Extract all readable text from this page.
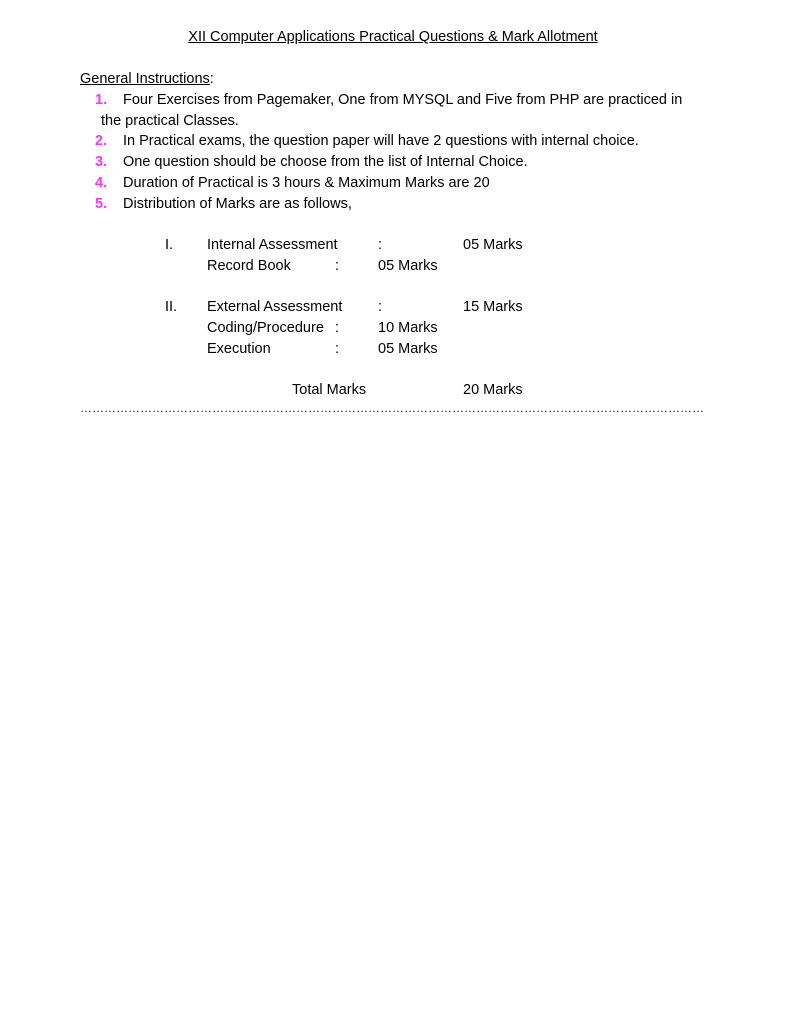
XII Computer Applications Practical Questions & Mark Allotment
General Instructions:
1. Four Exercises from Pagemaker, One from MYSQL and Five from PHP are practiced in
the practical Classes.
2. In Practical exams, the question paper will have 2 questions with internal choice.
3. One question should be choose from the list of Internal Choice.
4. Duration of Practical is 3 hours & Maximum Marks are 20
5. Distribution of Marks are as follows,
I. Internal Assessment	:	05 Marks
Record Book	:	05 Marks
II. External Assessment :	15 Marks
Coding/Procedure :	10 Marks
Execution	:	05 Marks
Total Marks	20 Marks
…………………………………………………………………………………………………………………………………………
